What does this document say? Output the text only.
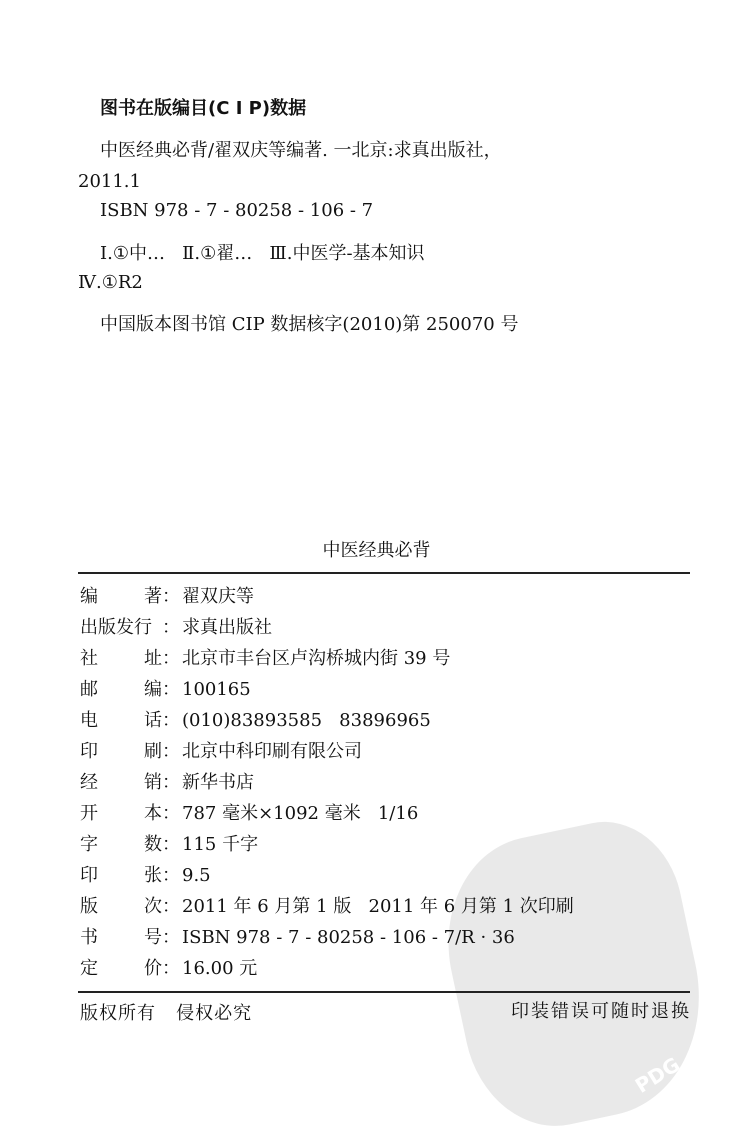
PDG
图书在版编目(C I P)数据
中医经典必背/翟双庆等编著. 一北京:求真出版社，
2011.1
ISBN 978 - 7 - 80258 - 106 - 7
Ⅰ.①中…   Ⅱ.①翟…   Ⅲ.中医学-基本知识
Ⅳ.①R2
中国版本图书馆 CIP 数据核字(2010)第 250070 号
中医经典必背
编	著 ： 翟双庆等
出版发行 ： 求真出版社
社	址 ： 北京市丰台区卢沟桥城内街 39 号
邮	编 ： 100165
电	话 ： (010)83893585   83896965
印	刷 ： 北京中科印刷有限公司
经	销 ： 新华书店
开	本 ： 787 毫米×1092 毫米   1/16
字	数 ： 115 千字
印	张 ： 9.5
版	次 ： 2011 年 6 月第 1 版   2011 年 6 月第 1 次印刷
书	号 ： ISBN 978 - 7 - 80258 - 106 - 7/R · 36
定	价 ： 16.00 元
版权所有   侵权必究	印装错误可随时退换
